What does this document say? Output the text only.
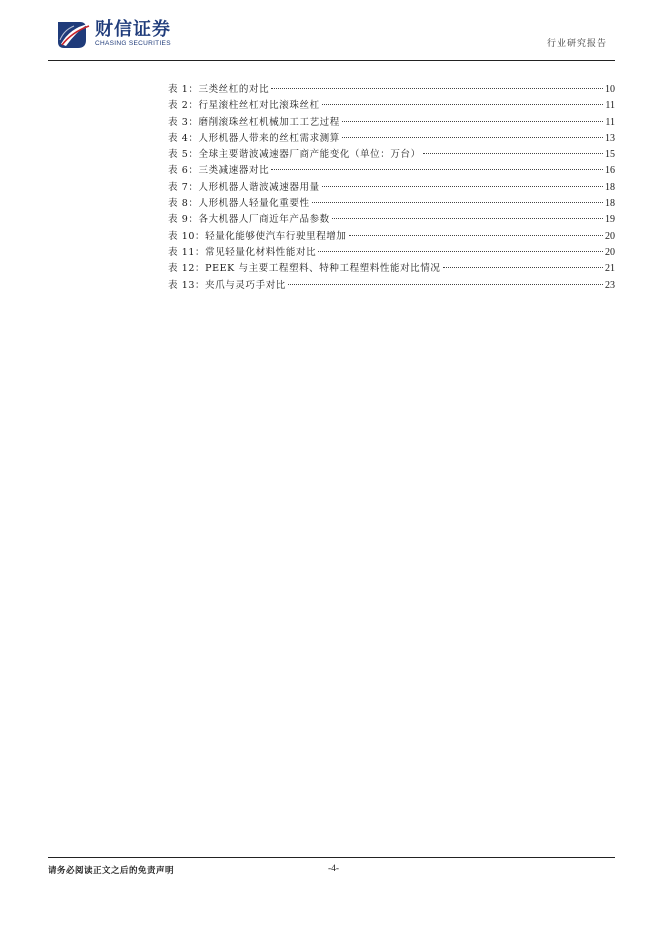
财信证券
CHASING SECURITIES	行业研究报告
表 1：三类丝杠的对比	10
表 2：行星滚柱丝杠对比滚珠丝杠	11
表 3：磨削滚珠丝杠机械加工工艺过程	11
表 4：人形机器人带来的丝杠需求测算	13
表 5：全球主要谐波减速器厂商产能变化（单位：万台）	15
表 6：三类减速器对比	16
表 7：人形机器人谐波减速器用量	18
表 8：人形机器人轻量化重要性	18
表 9：各大机器人厂商近年产品参数	19
表 10：轻量化能够使汽车行驶里程增加	20
表 11：常见轻量化材料性能对比	20
表 12：PEEK 与主要工程塑料、特种工程塑料性能对比情况	21
表 13：夹爪与灵巧手对比	23
请务必阅读正文之后的免责声明	-4-
